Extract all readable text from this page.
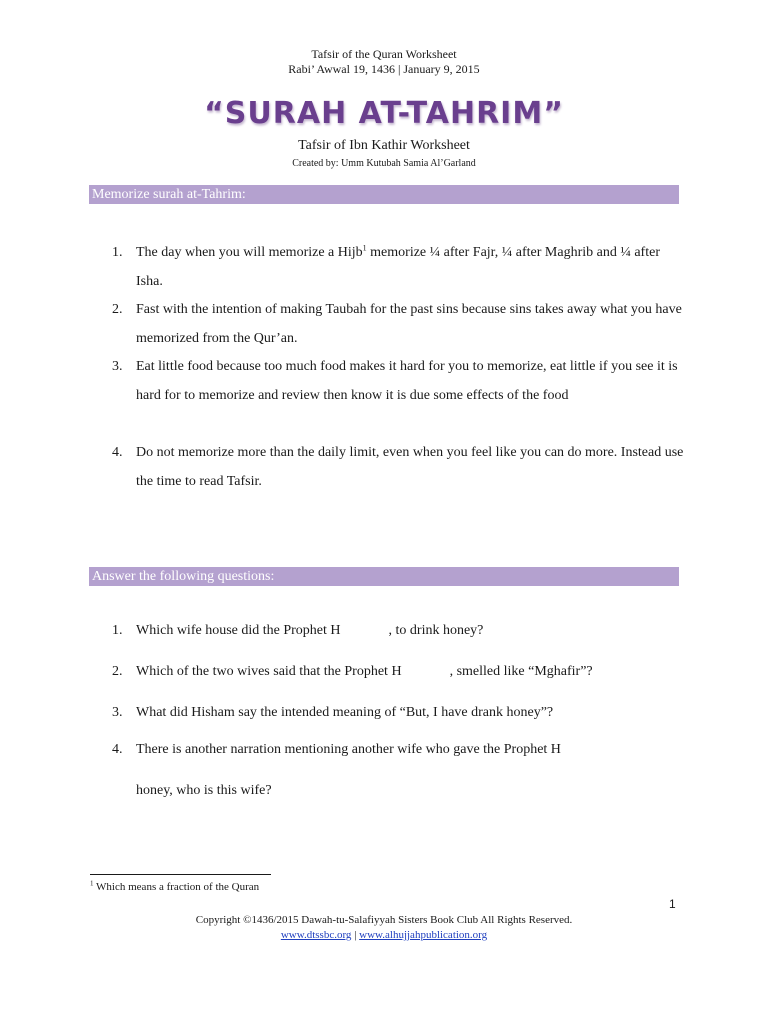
Tafsir of the Quran Worksheet
Rabi’ Awwal 19, 1436 | January 9, 2015
“SURAH AT-TAHRIM”
Tafsir of Ibn Kathir Worksheet
Created by: Umm Kutubah Samia Al’Garland
Memorize surah at-Tahrim:
1. The day when you will memorize a Hijb$^1$ memorize ¼ after Fajr, ¼ after Maghrib and ¼ after Isha.
2. Fast with the intention of making Taubah for the past sins because sins takes away what you have memorized from the Qur’an.
3. Eat little food because too much food makes it hard for you to memorize, eat little if you see it is hard for to memorize and review then know it is due some effects of the food
4. Do not memorize more than the daily limit, even when you feel like you can do more. Instead use the time to read Tafsir.
Answer the following questions:
1. Which wife house did the Prophet H	, to drink honey?
2. Which of the two wives said that the Prophet H	, smelled like “Mghafir”?
3. What did Hisham say the intended meaning of “But, I have drank honey”?
4. There is another narration mentioning another wife who gave the Prophet H
honey, who is this wife?
$^1$ Which means a fraction of the Quran
1
Copyright ©1436/2015 Dawah-tu-Salafiyyah Sisters Book Club All Rights Reserved.
www.dtssbc.org | www.alhujjahpublication.org
